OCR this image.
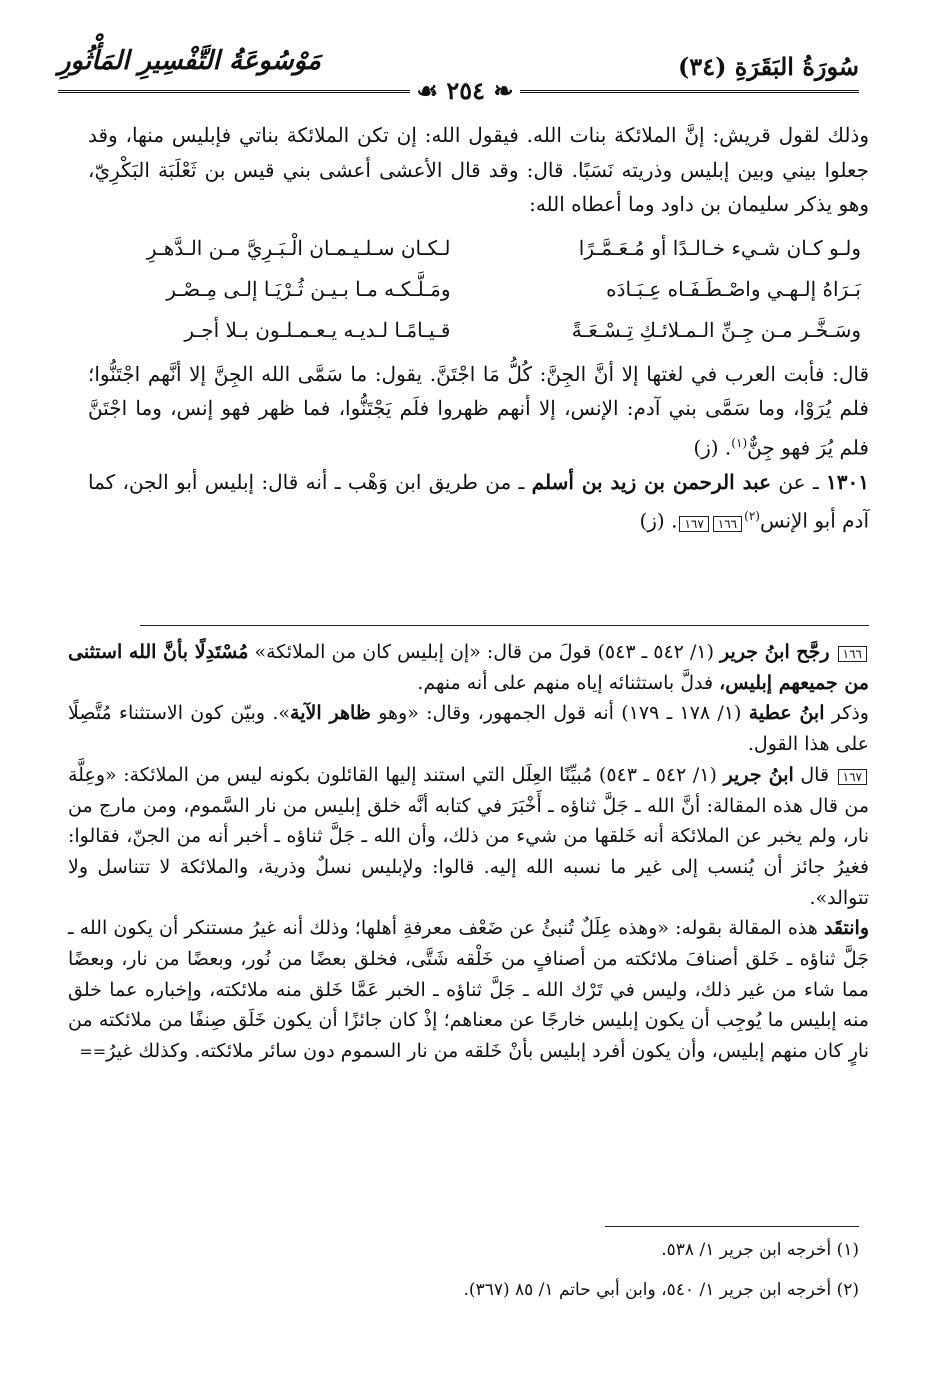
سُورَةُ البَقَرَةِ (٣٤)
مَوْسُوعَةُ التَّفْسِيرِ المَأْثُورِ
❧ ٢٥٤ ☙

وذلك لقول قريش: إنَّ الملائكة بنات الله. فيقول الله: إن تكن الملائكة بناتي فإبليس منها، وقد جعلوا بيني وبين إبليس وذريته نَسَبًا. قال: وقد قال الأعشى أعشى بني قيس بن ثَعْلَبَة البَكْرِيّ، وهو يذكر سليمان بن داود وما أعطاه الله:

ولـو كـان شـيء خـالـدًا أو مُـعَـمَّـرًا
لـكـان سـلـيـمـان الْـبَـرِيَّ مـن الـدَّهـرِ
بَـرَاهُ إلـهـي واصْـطَـفَـاه عِـبَـادَه
ومَـلَّـكـه مـا بـيـن ثُـرْيَـا إلـى مِـصْـر
وسَـخَّـر مـن جِـنِّ الـمـلائـكِ تِـسْـعَـةً
قـيـامًـا لـديـه يـعـمـلـون بـلا أجـر

قال: فأبت العرب في لغتها إلا أنَّ الجِنَّ: كُلُّ مَا اجْتَنَّ. يقول: ما سَمَّى الله الجِنَّ إلا أنَّهم اجْتَنُّوا؛ فلم يُرَوْا، وما سَمَّى بني آدم: الإنس، إلا أنهم ظهروا فلَم يَجْتَنُّوا، فما ظهر فهو إنس، وما اجْتَنَّ فلم يُرَ فهو جِنٌّ$^{(١)}$. (ز)

١٣٠١ ـ عن عبد الرحمن بن زيد بن أسلم ـ من طريق ابن وَهْب ـ أنه قال: إبليس أبو الجن، كما آدم أبو الإنس$^{(٢)}$١٦٦١٦٧. (ز)

١٦٦ رجَّح ابنُ جرير (١/ ٥٤٢ ـ ٥٤٣) قولَ من قال: «إن إبليس كان من الملائكة» مُسْتَدِلًا بأنَّ الله استثنى من جميعهم إبليس، فدلَّ باستثنائه إياه منهم على أنه منهم.

وذكر ابنُ عطية (١/ ١٧٨ ـ ١٧٩) أنه قول الجمهور، وقال: «وهو ظاهر الآية». وبيّن كون الاستثناء مُتَّصِلًا على هذا القول.

١٦٧ قال ابنُ جرير (١/ ٥٤٢ ـ ٥٤٣) مُبيِّنًا العِلَل التي استند إليها القائلون بكونه ليس من الملائكة: «وعِلَّة من قال هذه المقالة: أنَّ الله ـ جَلَّ ثناؤه ـ أَخْبَرَ في كتابه أنَّه خلق إبليس من نار السَّموم، ومن مارج من نار، ولم يخبر عن الملائكة أنه خَلقها من شيء من ذلك، وأن الله ـ جَلَّ ثناؤه ـ أخبر أنه من الجنّ، فقالوا: فغيرُ جائز أن يُنسب إلى غير ما نسبه الله إليه. قالوا: ولإبليس نسلٌ وذرية، والملائكة لا تتناسل ولا تتوالد».

وانتقَد هذه المقالة بقوله: «وهذه عِلَلٌ تُنبئُ عن ضَعْف معرفةِ أهلها؛ وذلك أنه غيرُ مستنكر أن يكون الله ـ جَلَّ ثناؤه ـ خَلق أصنافَ ملائكته من أصنافٍ من خَلْقه شَتَّى، فخلق بعضًا من نُور، وبعضًا من نار، وبعضًا مما شاء من غير ذلك، وليس في تَرْك الله ـ جَلَّ ثناؤه ـ الخبر عَمَّا خَلق منه ملائكته، وإخباره عما خلق منه إبليس ما يُوجِب أن يكون إبليس خارجًا عن معناهم؛ إذْ كان جائزًا أن يكون خَلَق صِنفًا من ملائكته من نارٍ كان منهم إبليس، وأن يكون أفرد إبليس بأنْ خَلقه من نار السموم دون سائر ملائكته. وكذلك غيرُ==

(١) أخرجه ابن جرير ١/ ٥٣٨.
(٢) أخرجه ابن جرير ١/ ٥٤٠، وابن أبي حاتم ١/ ٨٥ (٣٦٧).
